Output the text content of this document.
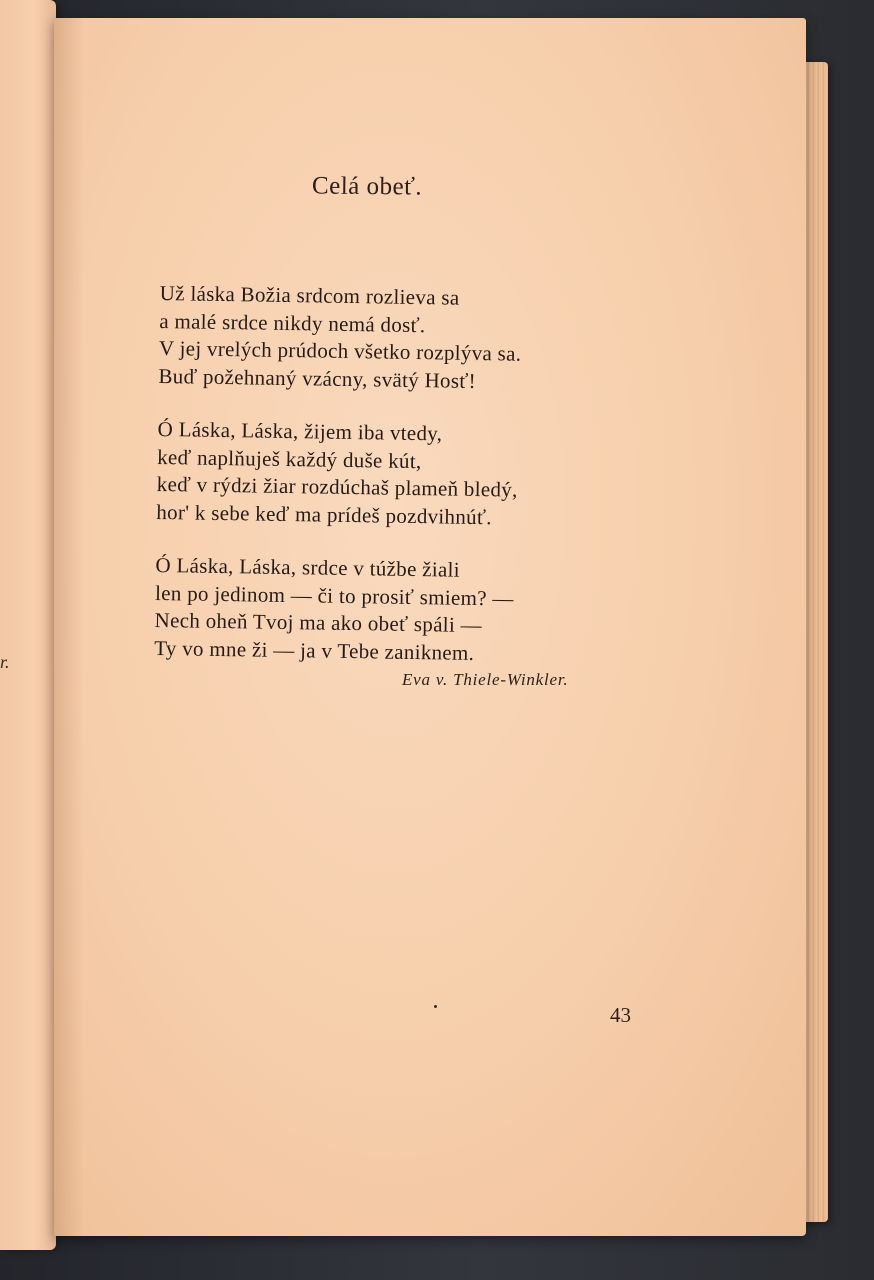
r.
Celá obeť.
Už láska Božia srdcom rozlieva sa
a malé srdce nikdy nemá dosť.
V jej vrelých prúdoch všetko rozplýva sa.
Buď požehnaný vzácny, svätý Hosť!
Ó Láska, Láska, žijem iba vtedy,
keď naplňuješ každý duše kút,
keď v rýdzi žiar rozdúchaš plameň bledý,
hor' k sebe keď ma prídeš pozdvihnúť.
Ó Láska, Láska, srdce v túžbe žiali
len po jedinom — či to prosiť smiem? —
Nech oheň Tvoj ma ako obeť spáli —
Ty vo mne ži — ja v Tebe zaniknem.
Eva v. Thiele-Winkler.
43
